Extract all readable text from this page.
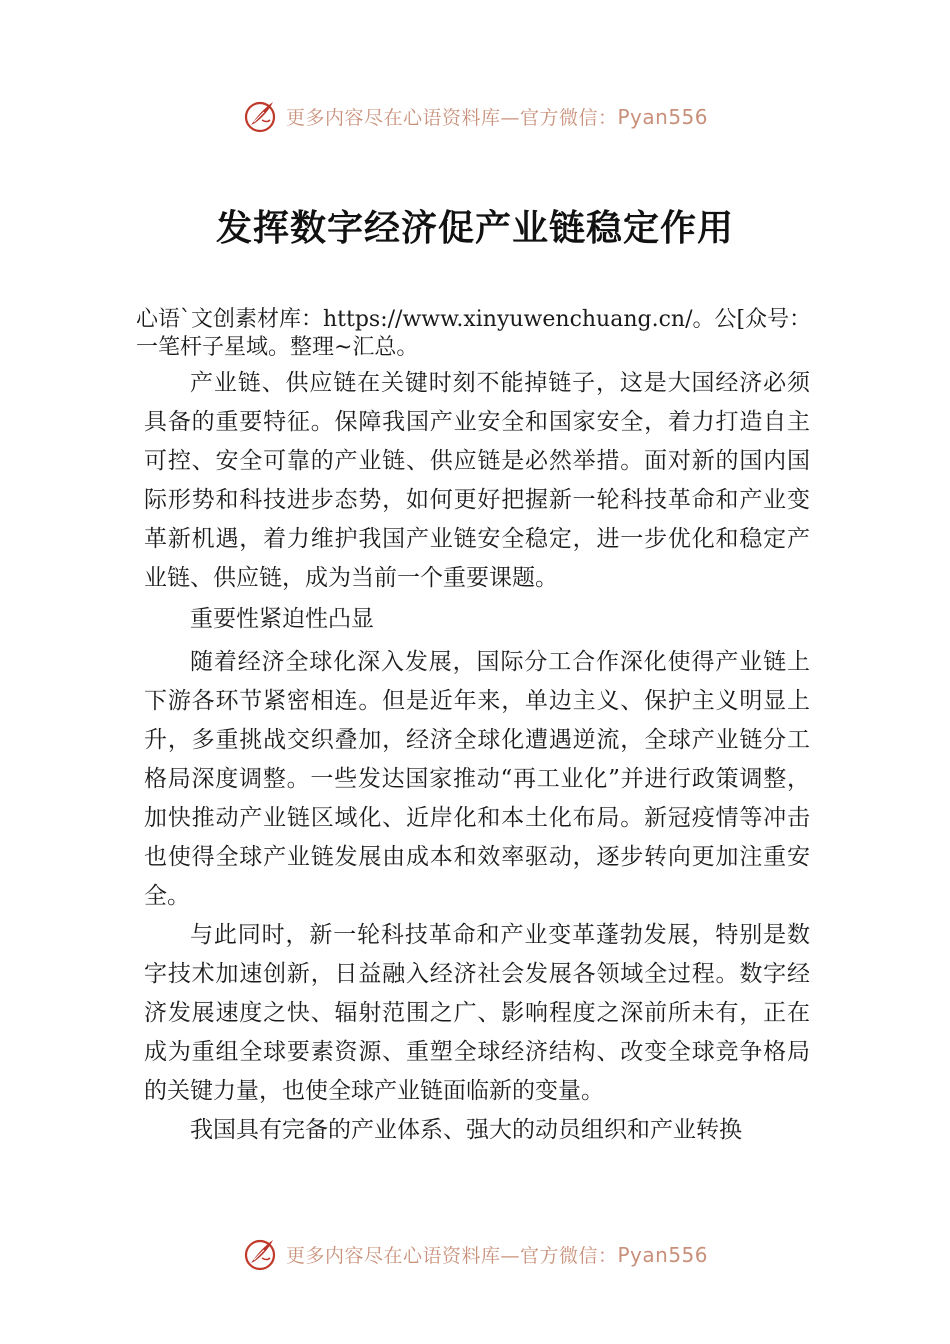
更多内容尽在心语资料库—官方微信：Pyan556
发挥数字经济促产业链稳定作用

心语`文创素材库：https://www.xinyuwenchuang.cn/。公[众号：一笔杆子星域。整理~汇总。

产业链、供应链在关键时刻不能掉链子，这是大国经济必须具备的重要特征。保障我国产业安全和国家安全，着力打造自主可控、安全可靠的产业链、供应链是必然举措。面对新的国内国际形势和科技进步态势，如何更好把握新一轮科技革命和产业变革新机遇，着力维护我国产业链安全稳定，进一步优化和稳定产业链、供应链，成为当前一个重要课题。

重要性紧迫性凸显

随着经济全球化深入发展，国际分工合作深化使得产业链上下游各环节紧密相连。但是近年来，单边主义、保护主义明显上升，多重挑战交织叠加，经济全球化遭遇逆流，全球产业链分工格局深度调整。一些发达国家推动“再工业化”并进行政策调整，加快推动产业链区域化、近岸化和本土化布局。新冠疫情等冲击也使得全球产业链发展由成本和效率驱动，逐步转向更加注重安全。

与此同时，新一轮科技革命和产业变革蓬勃发展，特别是数字技术加速创新，日益融入经济社会发展各领域全过程。数字经济发展速度之快、辐射范围之广、影响程度之深前所未有，正在成为重组全球要素资源、重塑全球经济结构、改变全球竞争格局的关键力量，也使全球产业链面临新的变量。

我国具有完备的产业体系、强大的动员组织和产业转换

更多内容尽在心语资料库—官方微信：Pyan556
